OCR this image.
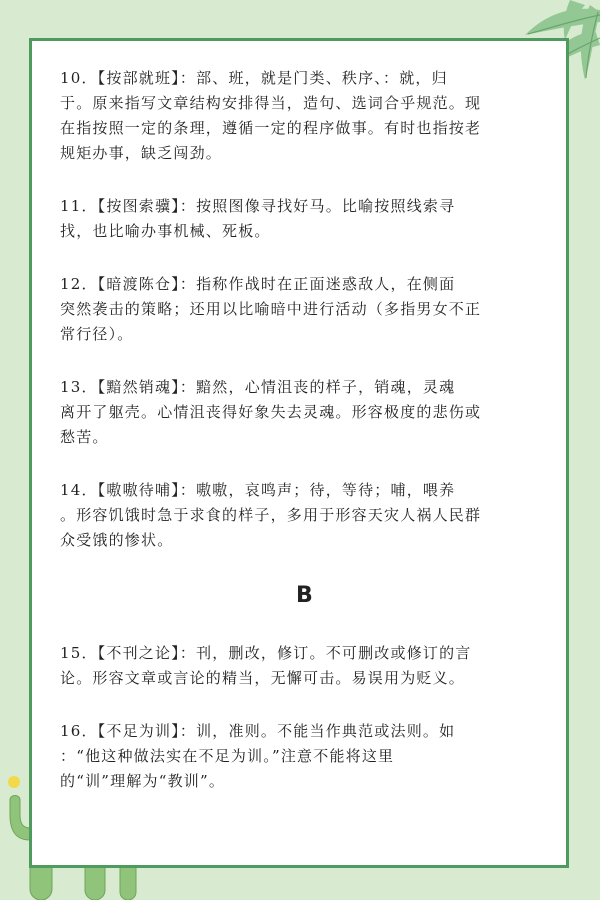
10．【按部就班】：部、班，就是门类、秩序、：就，归
于。原来指写文章结构安排得当，造句、选词合乎规范。现
在指按照一定的条理，遵循一定的程序做事。有时也指按老
规矩办事，缺乏闯劲。
11．【按图索骥】：按照图像寻找好马。比喻按照线索寻
找，也比喻办事机械、死板。
12．【暗渡陈仓】：指称作战时在正面迷惑敌人，在侧面
突然袭击的策略；还用以比喻暗中进行活动（多指男女不正
常行径）。
13．【黯然销魂】：黯然，心情沮丧的样子，销魂，灵魂
离开了躯壳。心情沮丧得好象失去灵魂。形容极度的悲伤或
愁苦。
14．【嗷嗷待哺】：嗷嗷，哀鸣声；待，等待；哺，喂养
。形容饥饿时急于求食的样子，多用于形容天灾人祸人民群
众受饿的惨状。
B
15．【不刊之论】：刊，删改，修订。不可删改或修订的言
论。形容文章或言论的精当，无懈可击。易误用为贬义。
16．【不足为训】：训，准则。不能当作典范或法则。如
：“他这种做法实在不足为训。”注意不能将这里
的“训”理解为“教训”。
